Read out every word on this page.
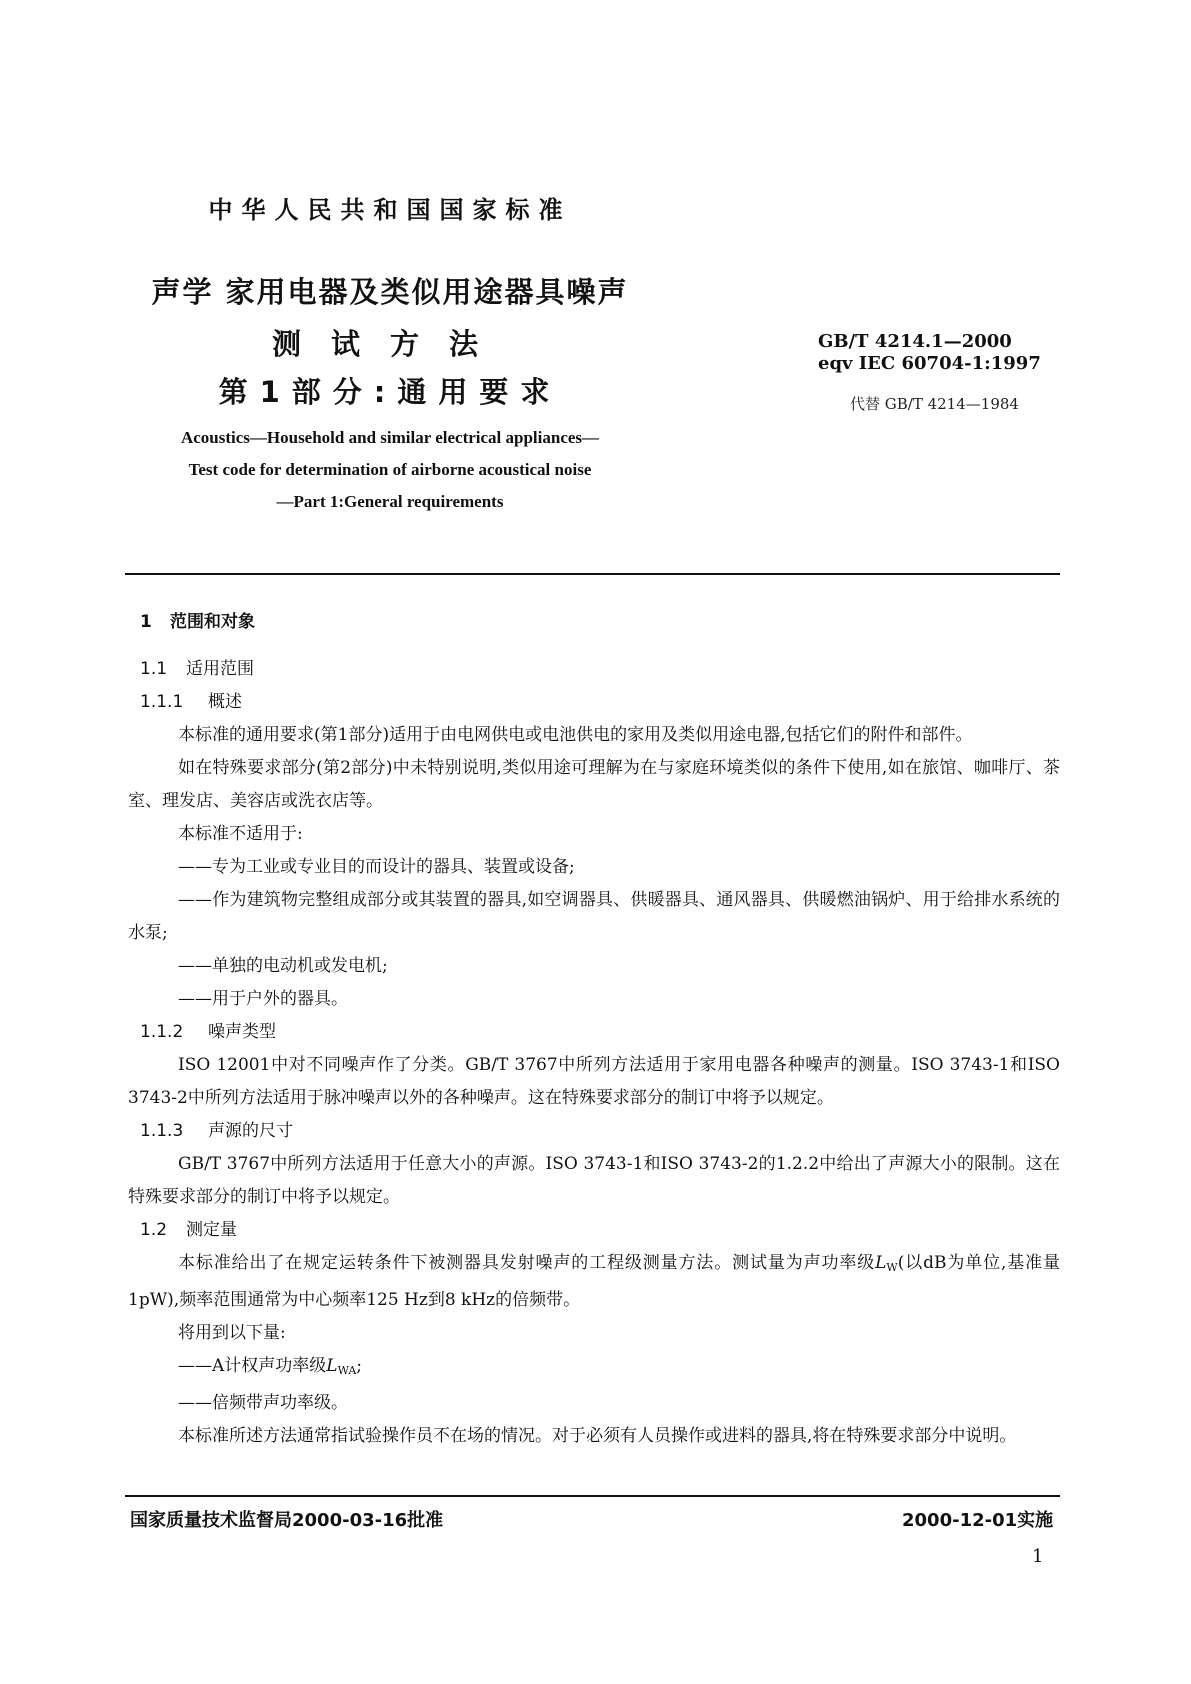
中华人民共和国国家标准
声学 家用电器及类似用途器具噪声
测试方法
第1部分:通用要求
Acoustics—Household and similar electrical appliances—
Test code for determination of airborne acoustical noise
—Part 1:General requirements
GB/T 4214.1—2000
eqv IEC 60704-1:1997
代替 GB/T 4214—1984

1 范围和对象

1.1 适用范围

1.1.1 概述

本标准的通用要求(第1部分)适用于由电网供电或电池供电的家用及类似用途电器,包括它们的附件和部件。

如在特殊要求部分(第2部分)中未特别说明,类似用途可理解为在与家庭环境类似的条件下使用,如在旅馆、咖啡厅、茶室、理发店、美容店或洗衣店等。

本标准不适用于:

——专为工业或专业目的而设计的器具、装置或设备;

——作为建筑物完整组成部分或其装置的器具,如空调器具、供暖器具、通风器具、供暖燃油锅炉、用于给排水系统的水泵;

——单独的电动机或发电机;

——用于户外的器具。

1.1.2 噪声类型

ISO 12001中对不同噪声作了分类。GB/T 3767中所列方法适用于家用电器各种噪声的测量。ISO 3743-1和ISO 3743-2中所列方法适用于脉冲噪声以外的各种噪声。这在特殊要求部分的制订中将予以规定。

1.1.3 声源的尺寸

GB/T 3767中所列方法适用于任意大小的声源。ISO 3743-1和ISO 3743-2的1.2.2中给出了声源大小的限制。这在特殊要求部分的制订中将予以规定。

1.2 测定量

本标准给出了在规定运转条件下被测器具发射噪声的工程级测量方法。测试量为声功率级$L_W$(以dB为单位,基准量1pW),频率范围通常为中心频率125 Hz到8 kHz的倍频带。

将用到以下量:

——A计权声功率级$L_{WA}$;

——倍频带声功率级。

本标准所述方法通常指试验操作员不在场的情况。对于必须有人员操作或进料的器具,将在特殊要求部分中说明。

国家质量技术监督局2000-03-16批准	2000-12-01实施
1
